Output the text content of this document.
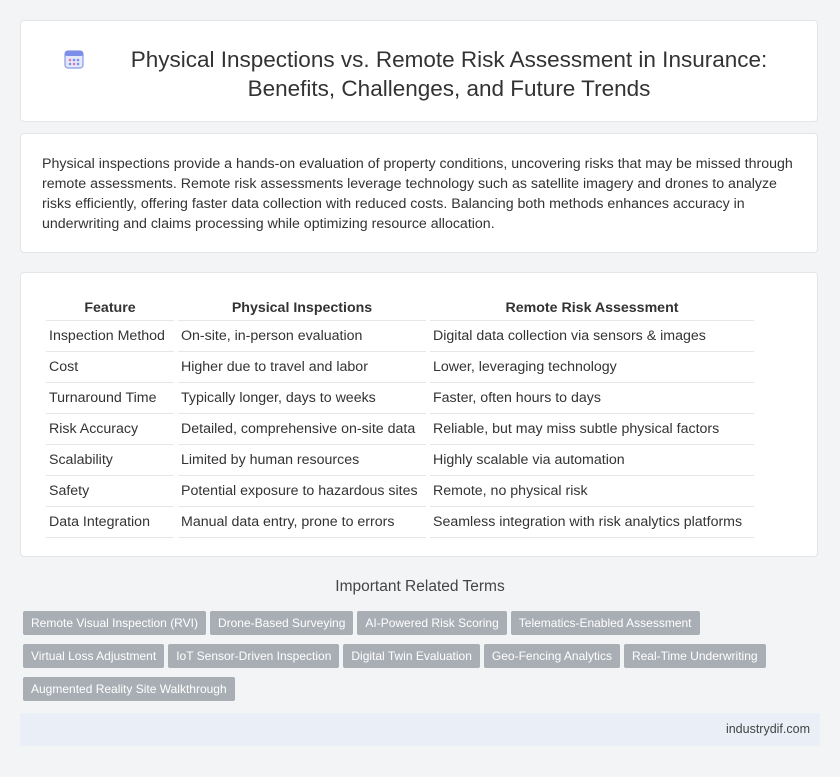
Physical Inspections vs. Remote Risk Assessment in Insurance: Benefits, Challenges, and Future Trends

Physical inspections provide a hands-on evaluation of property conditions, uncovering risks that may be missed through remote assessments. Remote risk assessments leverage technology such as satellite imagery and drones to analyze risks efficiently, offering faster data collection with reduced costs. Balancing both methods enhances accuracy in underwriting and claims processing while optimizing resource allocation.

Feature	Physical Inspections	Remote Risk Assessment
Inspection Method	On-site, in-person evaluation	Digital data collection via sensors & images
Cost	Higher due to travel and labor	Lower, leveraging technology
Turnaround Time	Typically longer, days to weeks	Faster, often hours to days
Risk Accuracy	Detailed, comprehensive on-site data	Reliable, but may miss subtle physical factors
Scalability	Limited by human resources	Highly scalable via automation
Safety	Potential exposure to hazardous sites	Remote, no physical risk
Data Integration	Manual data entry, prone to errors	Seamless integration with risk analytics platforms
Important Related Terms
Remote Visual Inspection (RVI) Drone-Based Surveying AI-Powered Risk Scoring Telematics-Enabled Assessment
Virtual Loss Adjustment IoT Sensor-Driven Inspection Digital Twin Evaluation Geo-Fencing Analytics Real-Time Underwriting
Augmented Reality Site Walkthrough
industrydif.com
